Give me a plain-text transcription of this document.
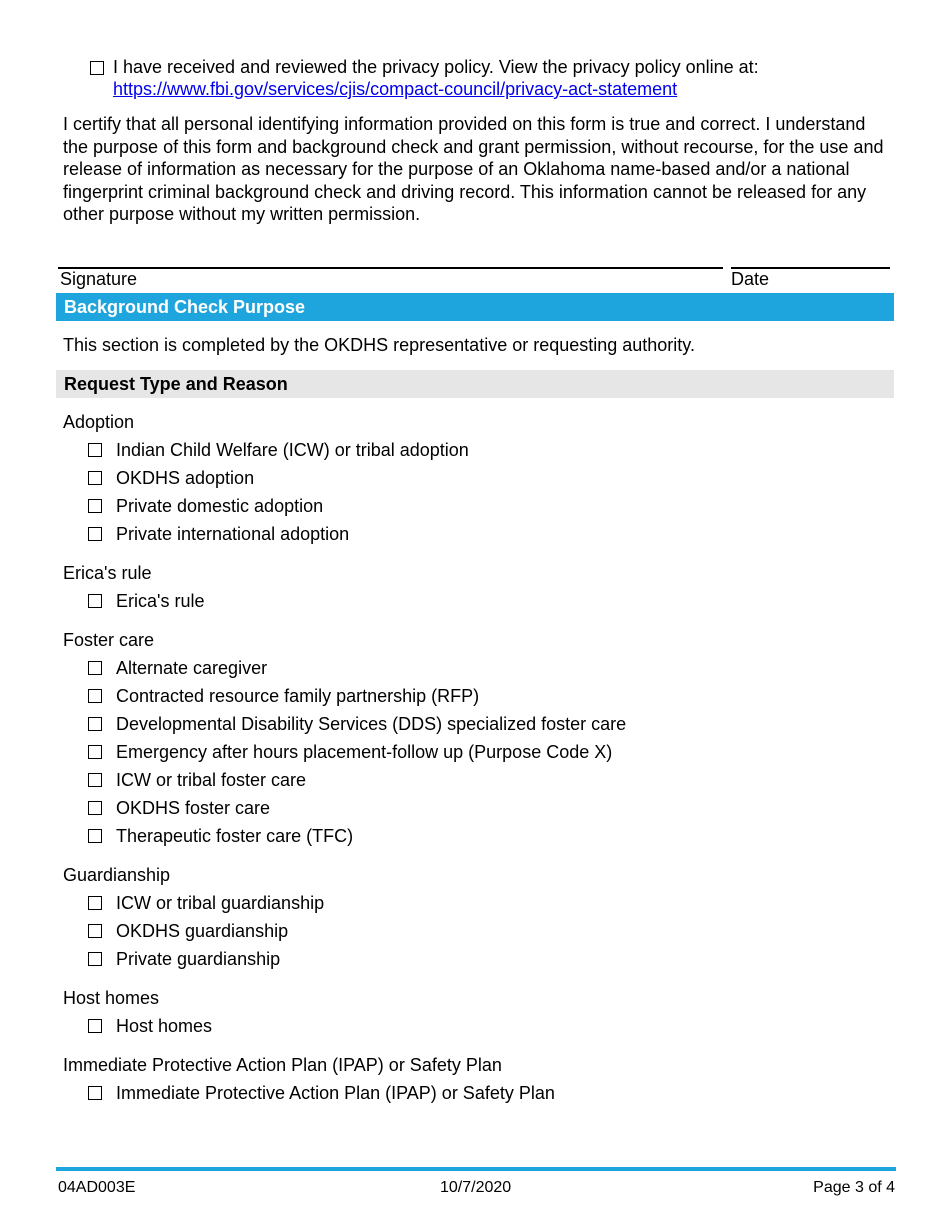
I have received and reviewed the privacy policy. View the privacy policy online at:
https://www.fbi.gov/services/cjis/compact-council/privacy-act-statement
I certify that all personal identifying information provided on this form is true and correct. I understand the purpose of this form and background check and grant permission, without recourse, for the use and release of information as necessary for the purpose of an Oklahoma name-based and/or a national fingerprint criminal background check and driving record. This information cannot be released for any other purpose without my written permission.
Signature	Date
Background Check Purpose
This section is completed by the OKDHS representative or requesting authority.
Request Type and Reason
Adoption
Indian Child Welfare (ICW) or tribal adoption
OKDHS adoption
Private domestic adoption
Private international adoption
Erica's rule
Erica's rule
Foster care
Alternate caregiver
Contracted resource family partnership (RFP)
Developmental Disability Services (DDS) specialized foster care
Emergency after hours placement-follow up (Purpose Code X)
ICW or tribal foster care
OKDHS foster care
Therapeutic foster care (TFC)
Guardianship
ICW or tribal guardianship
OKDHS guardianship
Private guardianship
Host homes
Host homes
Immediate Protective Action Plan (IPAP) or Safety Plan
Immediate Protective Action Plan (IPAP) or Safety Plan
04AD003E	10/7/2020	Page 3 of 4
